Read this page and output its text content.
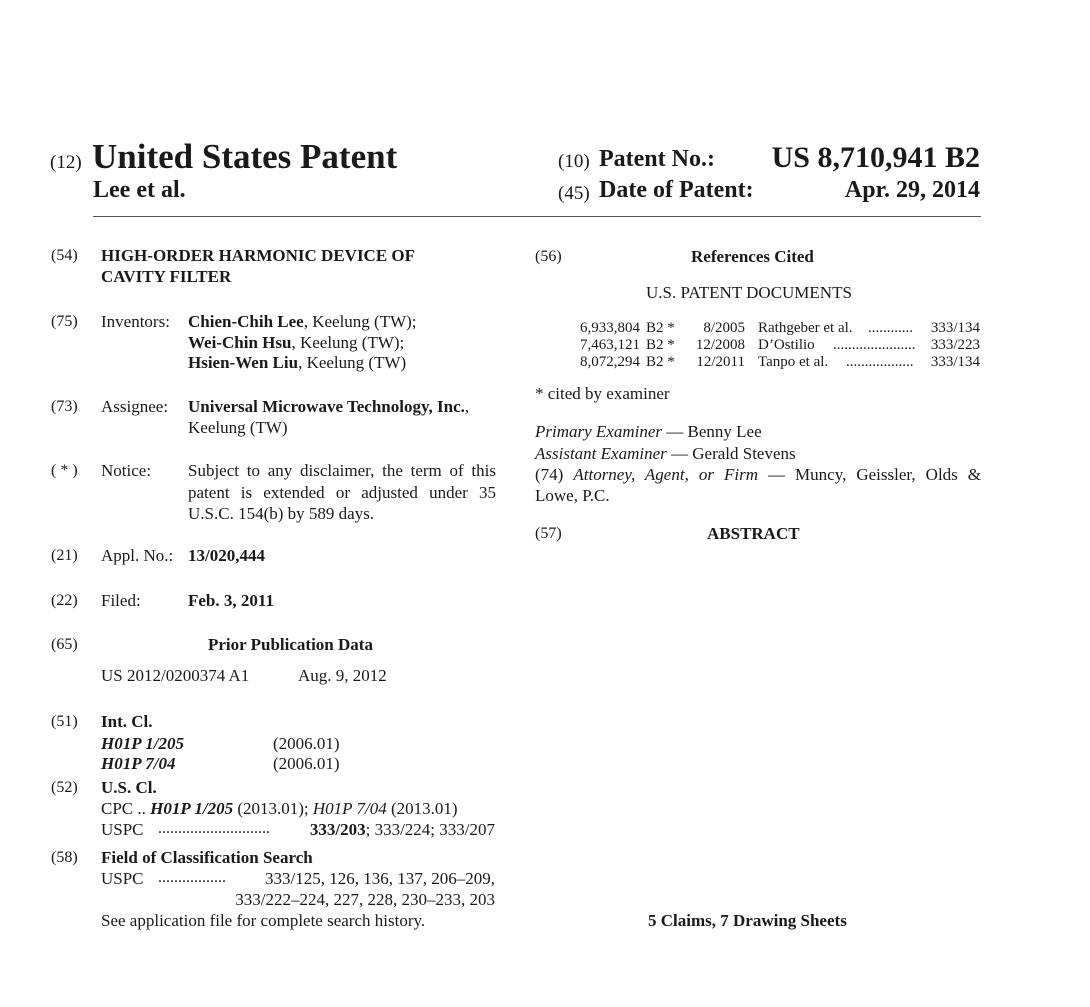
(12) United States Patent
Lee et al.
(10) Patent No.: US 8,710,941 B2
(45) Date of Patent:	Apr. 29, 2014
(54) HIGH-ORDER HARMONIC DEVICE OF
CAVITY FILTER
(75) Inventors: Chien-Chih Lee, Keelung (TW);
Wei-Chin Hsu, Keelung (TW);
Hsien-Wen Liu, Keelung (TW)
(73) Assignee: Universal Microwave Technology, Inc.,
Keelung (TW)
( * ) Notice: Subject to any disclaimer, the term of this
patent is extended or adjusted under 35
U.S.C. 154(b) by 589 days.
(21) Appl. No.: 13/020,444
(22) Filed:	Feb. 3, 2011
(65)	Prior Publication Data
US 2012/0200374 A1	Aug. 9, 2012
(51) Int. Cl.
H01P 1/205	(2006.01)
H01P 7/04	(2006.01)
(52) U.S. Cl.
CPC .. H01P 1/205 (2013.01); H01P 7/04 (2013.01)
USPC ............................	333/203; 333/224; 333/207
(58) Field of Classification Search
USPC .................	333/125, 126, 136, 137, 206–209,
333/222–224, 227, 228, 230–233, 203
See application file for complete search history.
(56)	References Cited
U.S. PATENT DOCUMENTS
6,933,804 B2 *	8/2005 Rathgeber et al. ............ 333/134
7,463,121 B2 *	12/2008 D’Ostilio ...................... 333/223
8,072,294 B2 *	12/2011 Tanpo et al. .................. 333/134
* cited by examiner
Primary Examiner — Benny Lee
Assistant Examiner — Gerald Stevens
(74) Attorney, Agent, or Firm — Muncy, Geissler, Olds &
Lowe, P.C.
(57)	ABSTRACT
5 Claims, 7 Drawing Sheets
